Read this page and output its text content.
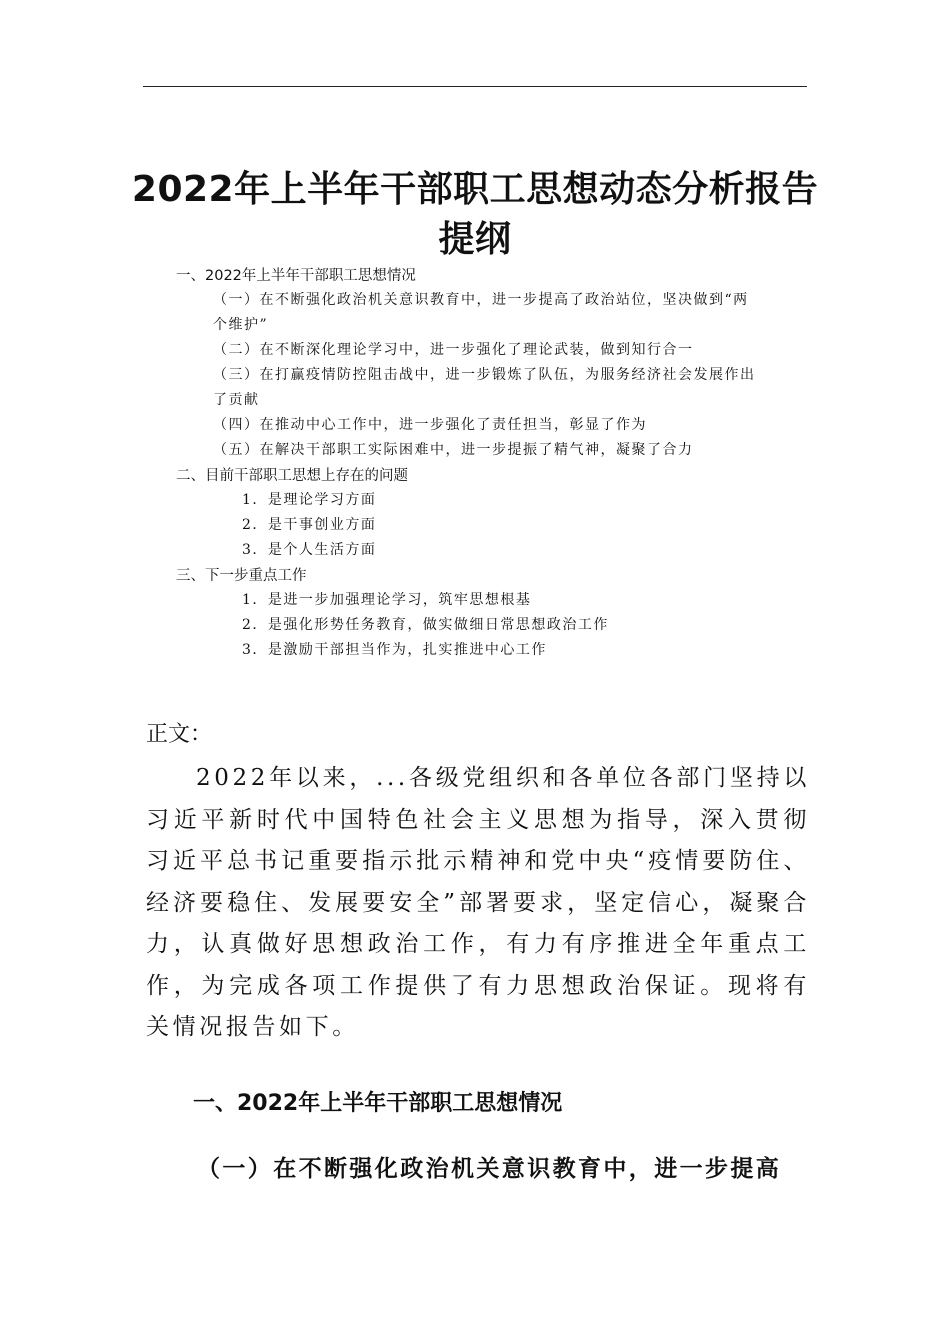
2022年上半年干部职工思想动态分析报告
提纲
一、2022年上半年干部职工思想情况
（一）在不断强化政治机关意识教育中，进一步提高了政治站位，坚决做到“两
个维护”
（二）在不断深化理论学习中，进一步强化了理论武装，做到知行合一
（三）在打赢疫情防控阻击战中，进一步锻炼了队伍，为服务经济社会发展作出
了贡献
（四）在推动中心工作中，进一步强化了责任担当，彰显了作为
（五）在解决干部职工实际困难中，进一步提振了精气神，凝聚了合力
二、目前干部职工思想上存在的问题
1．是理论学习方面
2．是干事创业方面
3．是个人生活方面
三、下一步重点工作
1．是进一步加强理论学习，筑牢思想根基
2．是强化形势任务教育，做实做细日常思想政治工作
3．是激励干部担当作为，扎实推进中心工作
正文：
2022年以来，...各级党组织和各单位各部门坚持以习近平新时代中国特色社会主义思想为指导，深入贯彻习近平总书记重要指示批示精神和党中央“疫情要防住、经济要稳住、发展要安全”部署要求，坚定信心，凝聚合力，认真做好思想政治工作，有力有序推进全年重点工作，为完成各项工作提供了有力思想政治保证。现将有关情况报告如下。
一、2022年上半年干部职工思想情况
（一）在不断强化政治机关意识教育中，进一步提高
